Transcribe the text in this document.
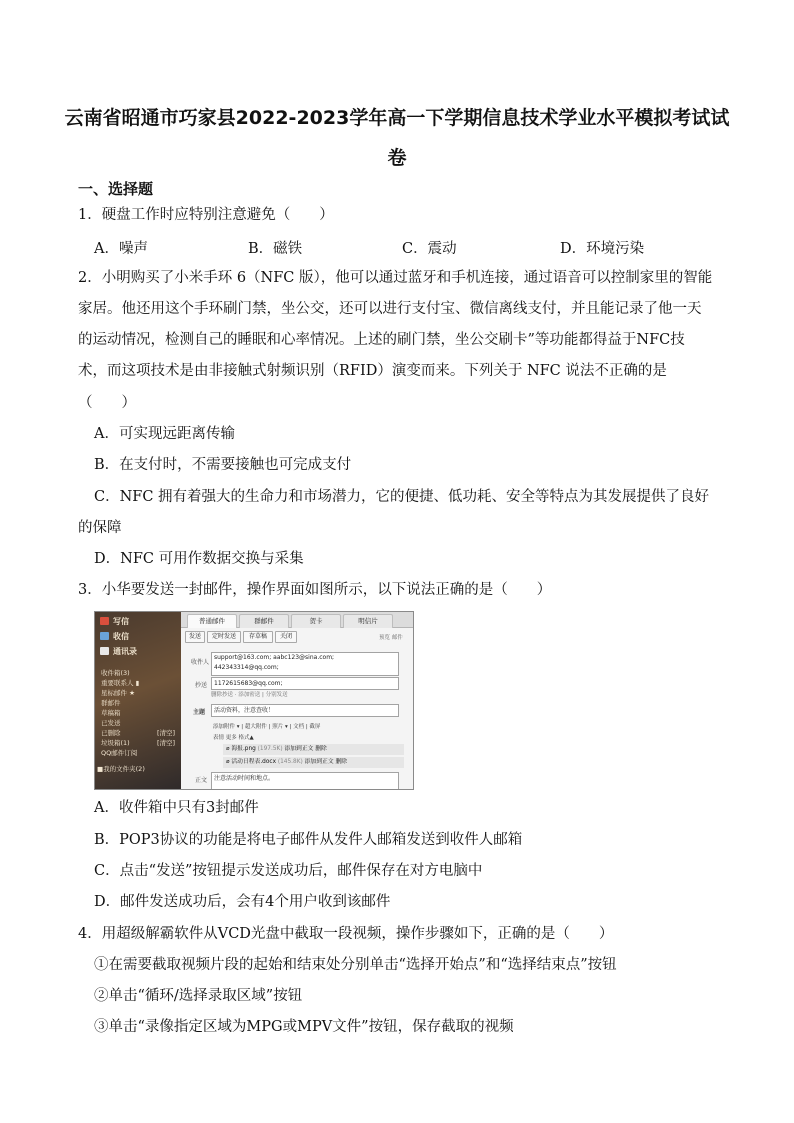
云南省昭通市巧家县2022-2023学年高一下学期信息技术学业水平模拟考试试
卷
一、选择题
1．硬盘工作时应特别注意避免（　　）
A．噪声	B．磁铁	C．震动	D．环境污染
2．小明购买了小米手环 6（NFC 版），他可以通过蓝牙和手机连接，通过语音可以控制家里的智能
家居。他还用这个手环刷门禁，坐公交，还可以进行支付宝、微信离线支付，并且能记录了他一天
的运动情况，检测自己的睡眠和心率情况。上述的刷门禁，坐公交刷卡”等功能都得益于NFC技
术，而这项技术是由非接触式射频识别（RFID）演变而来。下列关于 NFC 说法不正确的是
（　　）
A．可实现远距离传输
B．在支付时，不需要接触也可完成支付
C．NFC 拥有着强大的生命力和市场潜力，它的便捷、低功耗、安全等特点为其发展提供了良好
的保障
D．NFC 可用作数据交换与采集
3．小华要发送一封邮件，操作界面如图所示，以下说法正确的是（　　）
写信
收信
通讯录
收件箱(3)
重要联系人 ▮
星标邮件 ★
群邮件
草稿箱
已发送
已删除	[清空]
垃圾箱(1)	[清空]
QQ邮件订阅
■我的文件夹(2)
普通邮件	群邮件	贺卡	明信片
发送	定时发送	存草稿	关闭	预览 邮件
收件人
support@163.com; aabc123@sina.com;
442343314@qq.com;
抄送	1172615683@qq.com;
删除抄送 · 添加密送 | 分别发送
主题	活动资料，注意查收！
添加附件 ▾ | 超大附件 | 照片 ▾ | 文档 | 截屏
表情 更多 格式▲
⌀ 海报.png (197.5K) 添加到正文 删除
⌀ 活动日程表.docx (145.8K) 添加到正文 删除
正文	注意活动时间和地点。
A．收件箱中只有3封邮件
B．POP3协议的功能是将电子邮件从发件人邮箱发送到收件人邮箱
C．点击“发送”按钮提示发送成功后，邮件保存在对方电脑中
D．邮件发送成功后，会有4个用户收到该邮件
4．用超级解霸软件从VCD光盘中截取一段视频，操作步骤如下，正确的是（　　）
①在需要截取视频片段的起始和结束处分别单击“选择开始点”和“选择结束点”按钮
②单击“循环/选择录取区域”按钮
③单击“录像指定区域为MPG或MPV文件”按钮，保存截取的视频
